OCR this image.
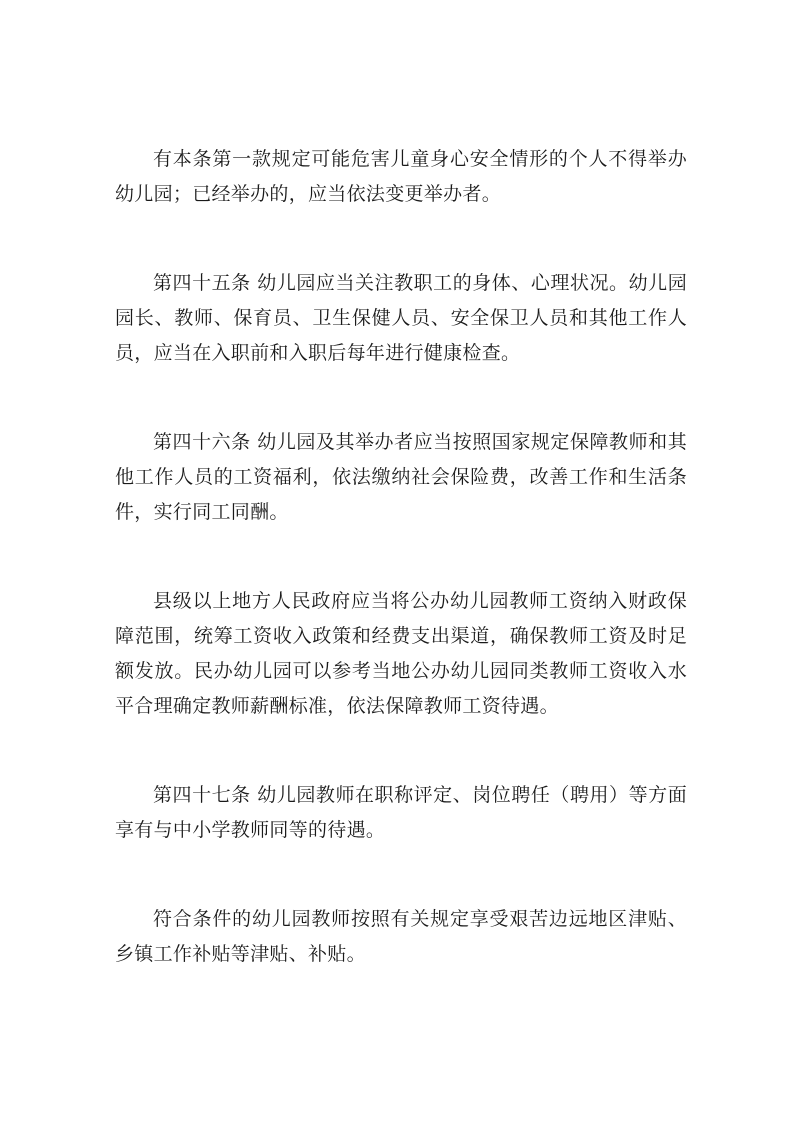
有本条第一款规定可能危害儿童身心安全情形的个人不得举办幼儿园；已经举办的，应当依法变更举办者。

第四十五条 幼儿园应当关注教职工的身体、心理状况。幼儿园园长、教师、保育员、卫生保健人员、安全保卫人员和其他工作人员，应当在入职前和入职后每年进行健康检查。

第四十六条 幼儿园及其举办者应当按照国家规定保障教师和其他工作人员的工资福利，依法缴纳社会保险费，改善工作和生活条件，实行同工同酬。

县级以上地方人民政府应当将公办幼儿园教师工资纳入财政保障范围，统筹工资收入政策和经费支出渠道，确保教师工资及时足额发放。民办幼儿园可以参考当地公办幼儿园同类教师工资收入水平合理确定教师薪酬标准，依法保障教师工资待遇。

第四十七条 幼儿园教师在职称评定、岗位聘任（聘用）等方面享有与中小学教师同等的待遇。

符合条件的幼儿园教师按照有关规定享受艰苦边远地区津贴、乡镇工作补贴等津贴、补贴。
